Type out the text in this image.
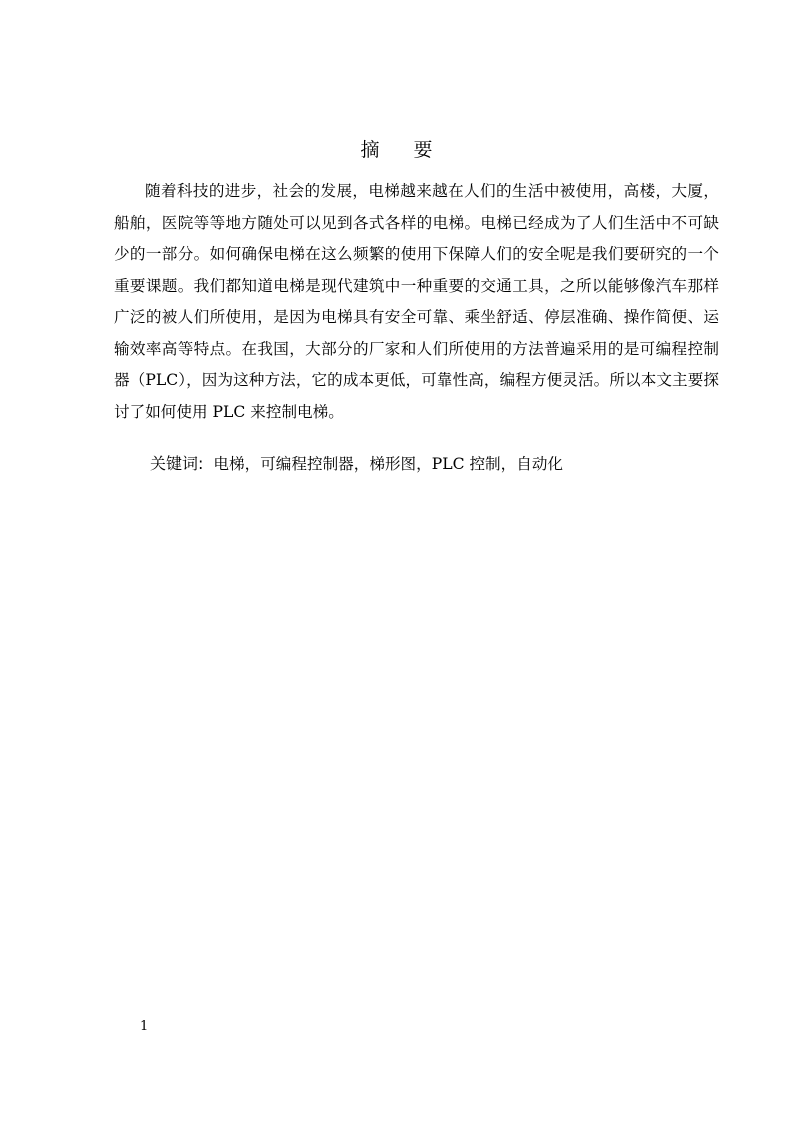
摘 要

随着科技的进步，社会的发展，电梯越来越在人们的生活中被使用，高楼，大厦，船舶，医院等等地方随处可以见到各式各样的电梯。电梯已经成为了人们生活中不可缺少的一部分。如何确保电梯在这么频繁的使用下保障人们的安全呢是我们要研究的一个重要课题。我们都知道电梯是现代建筑中一种重要的交通工具，之所以能够像汽车那样广泛的被人们所使用，是因为电梯具有安全可靠、乘坐舒适、停层准确、操作简便、运输效率高等特点。在我国，大部分的厂家和人们所使用的方法普遍采用的是可编程控制器（PLC），因为这种方法，它的成本更低，可靠性高，编程方便灵活。所以本文主要探讨了如何使用 PLC 来控制电梯。

关键词: 电梯，可编程控制器，梯形图，PLC 控制，自动化
1
